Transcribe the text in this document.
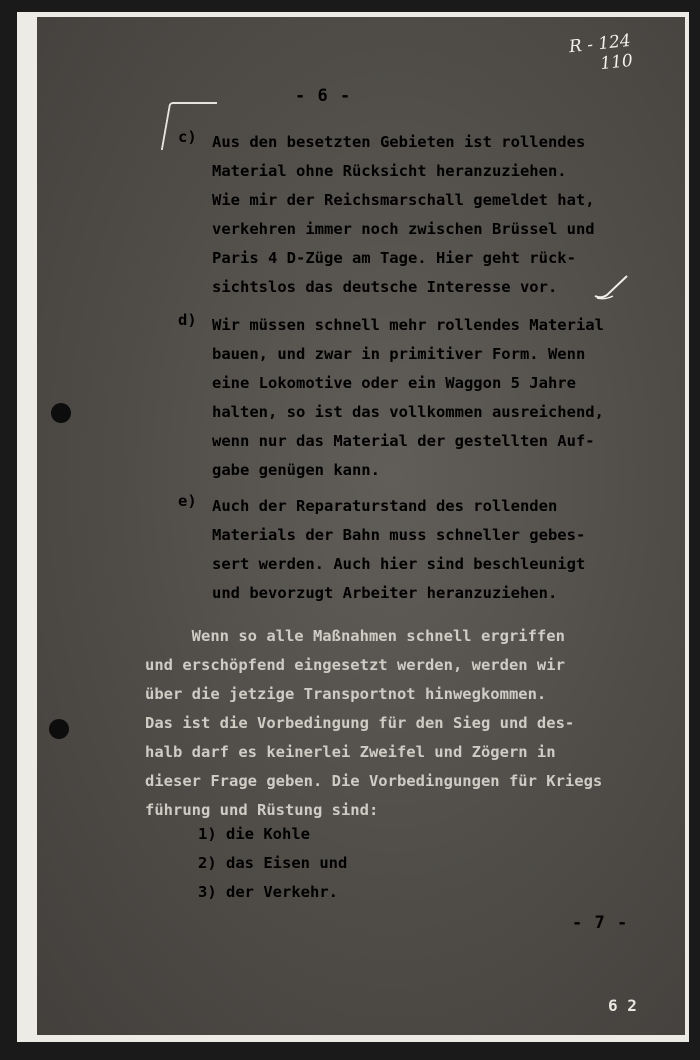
- 6 -
R - 124
110
c) Aus den besetzten Gebieten ist rollendes
Material ohne Rücksicht heranzuziehen.
Wie mir der Reichsmarschall gemeldet hat,
verkehren immer noch zwischen Brüssel und
Paris 4 D-Züge am Tage. Hier geht rück-
sichtslos das deutsche Interesse vor.
d) Wir müssen schnell mehr rollendes Material
bauen, und zwar in primitiver Form. Wenn
eine Lokomotive oder ein Waggon 5 Jahre
halten, so ist das vollkommen ausreichend,
wenn nur das Material der gestellten Auf-
gabe genügen kann.
e) Auch der Reparaturstand des rollenden
Materials der Bahn muss schneller gebes-
sert werden. Auch hier sind beschleunigt
und bevorzugt Arbeiter heranzuziehen.
Wenn so alle Maßnahmen schnell ergriffen
und erschöpfend eingesetzt werden, werden wir
über die jetzige Transportnot hinwegkommen.
Das ist die Vorbedingung für den Sieg und des-
halb darf es keinerlei Zweifel und Zögern in
dieser Frage geben. Die Vorbedingungen für Kriegs
führung und Rüstung sind:
1) die Kohle
2) das Eisen und
3) der Verkehr.
- 7 -
6 2
